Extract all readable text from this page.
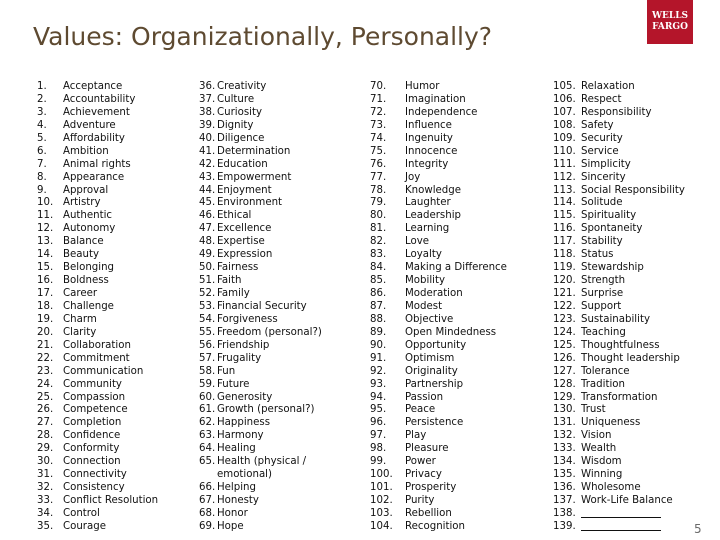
Values: Organizationally, Personally?
WELLS
FARGO
1. Acceptance
2. Accountability
3. Achievement
4. Adventure
5. Affordability
6. Ambition
7. Animal rights
8. Appearance
9. Approval
10. Artistry
11. Authentic
12. Autonomy
13. Balance
14. Beauty
15. Belonging
16. Boldness
17. Career
18. Challenge
19. Charm
20. Clarity
21. Collaboration
22. Commitment
23. Communication
24. Community
25. Compassion
26. Competence
27. Completion
28. Confidence
29. Conformity
30. Connection
31. Connectivity
32. Consistency
33. Conflict Resolution
34. Control
35. Courage
36. Creativity
37. Culture
38. Curiosity
39. Dignity
40. Diligence
41. Determination
42. Education
43. Empowerment
44. Enjoyment
45. Environment
46. Ethical
47. Excellence
48. Expertise
49. Expression
50. Fairness
51. Faith
52. Family
53. Financial Security
54. Forgiveness
55. Freedom (personal?)
56. Friendship
57. Frugality
58. Fun
59. Future
60. Generosity
61. Growth (personal?)
62. Happiness
63. Harmony
64. Healing
65. Health (physical /
emotional)
66. Helping
67. Honesty
68. Honor
69. Hope
70. Humor
71. Imagination
72. Independence
73. Influence
74. Ingenuity
75. Innocence
76. Integrity
77. Joy
78. Knowledge
79. Laughter
80. Leadership
81. Learning
82. Love
83. Loyalty
84. Making a Difference
85. Mobility
86. Moderation
87. Modest
88. Objective
89. Open Mindedness
90. Opportunity
91. Optimism
92. Originality
93. Partnership
94. Passion
95. Peace
96. Persistence
97. Play
98. Pleasure
99. Power
100. Privacy
101. Prosperity
102. Purity
103. Rebellion
104. Recognition
105. Relaxation
106. Respect
107. Responsibility
108. Safety
109. Security
110. Service
111. Simplicity
112. Sincerity
113. Social Responsibility
114. Solitude
115. Spirituality
116. Spontaneity
117. Stability
118. Status
119. Stewardship
120. Strength
121. Surprise
122. Support
123. Sustainability
124. Teaching
125. Thoughtfulness
126. Thought leadership
127. Tolerance
128. Tradition
129. Transformation
130. Trust
131. Uniqueness
132. Vision
133. Wealth
134. Wisdom
135. Winning
136. Wholesome
137. Work-Life Balance
138.
139.	5
